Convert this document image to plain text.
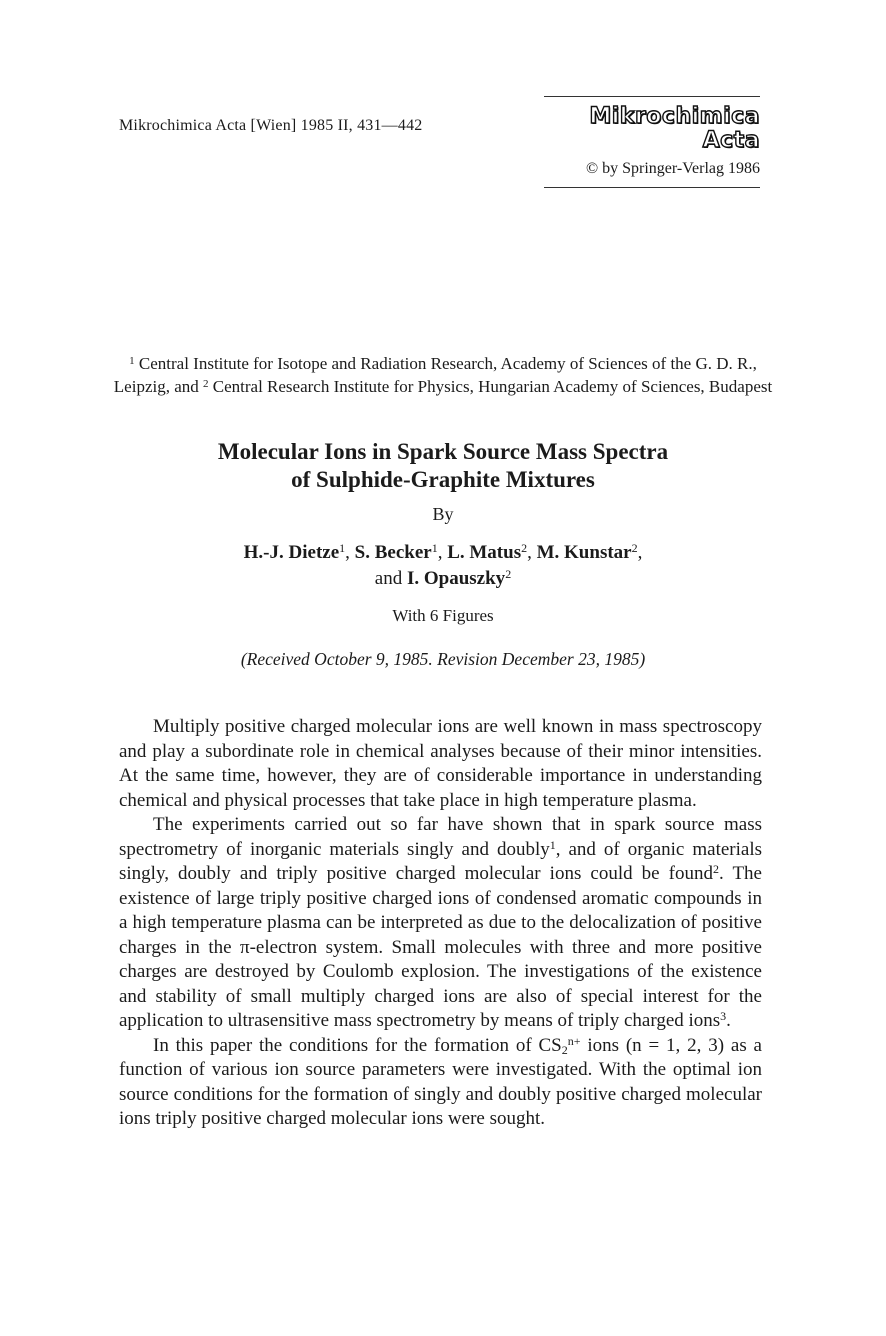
Mikrochimica Acta [Wien] 1985 II, 431—442	Mikrochimica Acta
© by Springer-Verlag 1986
$^1$ Central Institute for Isotope and Radiation Research, Academy of Sciences of the G. D. R., Leipzig, and $^2$ Central Research Institute for Physics, Hungarian Academy of Sciences, Budapest
Molecular Ions in Spark Source Mass Spectra
of Sulphide-Graphite Mixtures
By
H.-J. Dietze$^1$, S. Becker$^1$, L. Matus$^2$, M. Kunstar$^2$,
and I. Opauszky$^2$
With 6 Figures
(Received October 9, 1985. Revision December 23, 1985)

Multiply positive charged molecular ions are well known in mass spectroscopy and play a subordinate role in chemical analyses because of their minor intensities. At the same time, however, they are of considerable importance in understanding chemical and physical processes that take place in high temperature plasma.

The experiments carried out so far have shown that in spark source mass spectrometry of inorganic materials singly and doubly$^1$, and of organic materials singly, doubly and triply positive charged molecular ions could be found$^2$. The existence of large triply positive charged ions of condensed aromatic compounds in a high temperature plasma can be interpreted as due to the delocalization of positive charges in the π-electron system. Small molecules with three and more positive charges are destroyed by Coulomb explosion. The investigations of the existence and stability of small multiply charged ions are also of special interest for the application to ultrasensitive mass spectrometry by means of triply charged ions$^3$.

In this paper the conditions for the formation of $CS_2^{n+}$ ions (n = 1, 2, 3) as a function of various ion source parameters were investigated. With the optimal ion source conditions for the formation of singly and doubly positive charged molecular ions triply positive charged molecular ions were sought.
